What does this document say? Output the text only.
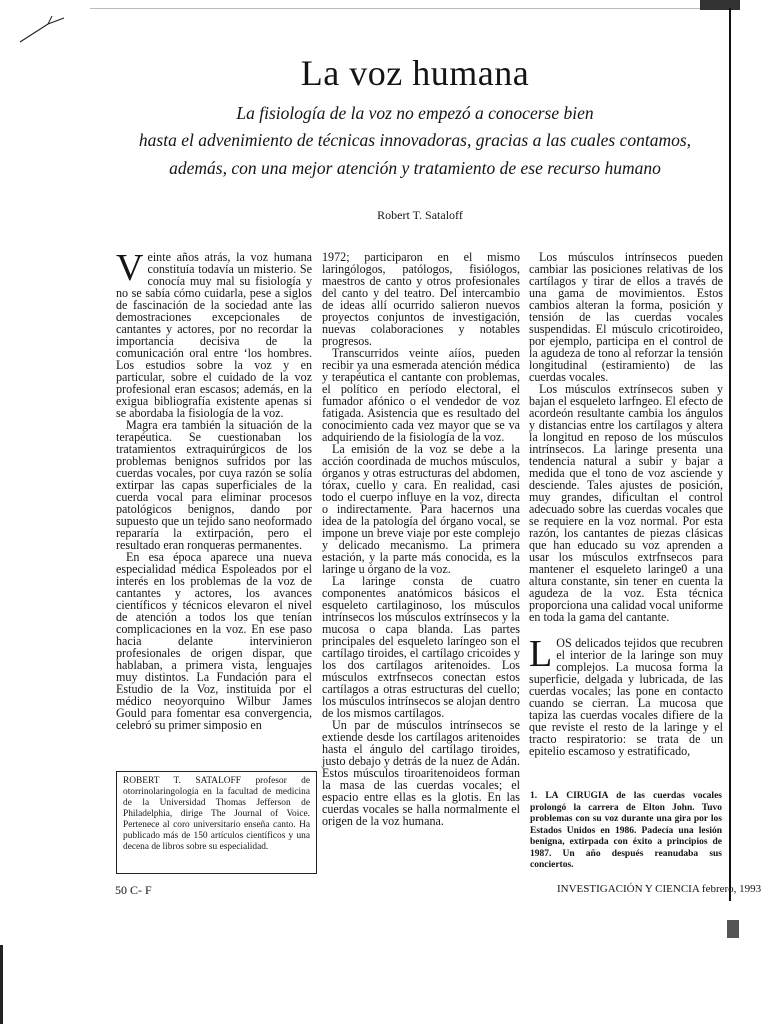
La voz humana
La fisiología de la voz no empezó a conocerse bien
hasta el advenimiento de técnicas innovadoras, gracias a las cuales contamos,
además, con una mejor atención y tratamiento de ese recurso humano
Robert T. Sataloff

Veinte años atrás, la voz humana constituía todavía un misterio. Se conocía muy mal su fisiología y no se sabía cómo cuidarla, pese a siglos de fascinación de la sociedad ante las demostraciones excepcionales de cantantes y actores, por no recordar la importancia decisiva de la comunicación oral entre ‘los hombres. Los estudios sobre la voz y en particular, sobre el cuidado de la voz profesional eran escasos; además, en la exigua bibliografía existente apenas si se abordaba la fisiología de la voz.

Magra era también la situación de la terapéutica. Se cuestionaban los tratamientos extraquirúrgicos de los problemas benignos sufridos por las cuerdas vocales, por cuya razón se solía extirpar las capas superficiales de la cuerda vocal para eliminar procesos patológicos benignos, dando por supuesto que un tejido sano neoformado repararía la extirpación, pero el resultado eran ronqueras permanentes.

En esa época aparece una nueva especialidad médica Espoleados por el interés en los problemas de la voz de cantantes y actores, los avances científicos y técnicos elevaron el nivel de atención a todos los que tenían complicaciones en la voz. En ese paso hacia delante intervinieron profesionales de origen dispar, que hablaban, a primera vista, lenguajes muy distintos. La Fundación para el Estudio de la Voz, instituida por el médico neoyorquino Wilbur James Gould para fomentar esa convergencia, celebró su primer simposio en

ROBERT T. SATALOFF profesor de otorrinolaringología en la facultad de medicina de la Universidad Thomas Jefferson de Philadelphia, dirige The Journal of Voice. Pertenece al coro universitario enseña canto. Ha publicado más de 150 artículos científicos y una decena de libros sobre su especialidad.

1972; participaron en el mismo laringólogos, patólogos, fisiólogos, maestros de canto y otros profesionales del canto y del teatro. Del intercambio de ideas allí ocurrido salieron nuevos proyectos conjuntos de investigación, nuevas colaboraciones y notables progresos.

Transcurridos veinte aííos, pueden recibir ya una esmerada atención médica y terapéutica el cantante con problemas, el político en período electoral, el fumador afónico o el vendedor de voz fatigada. Asistencia que es resultado del conocimiento cada vez mayor que se va adquiriendo de la fisiología de la voz.

La emisión de la voz se debe a la acción coordinada de muchos músculos, órganos y otras estructuras del abdomen, tórax, cuello y cara. En realidad, casi todo el cuerpo influye en la voz, directa o indirectamente. Para hacernos una idea de la patología del órgano vocal, se impone un breve viaje por este complejo y delicado mecanismo. La primera estación, y la parte más conocida, es la laringe u órgano de la voz.

La laringe consta de cuatro componentes anatómicos básicos el esqueleto cartilaginoso, los músculos intrínsecos los músculos extrínsecos y la mucosa o capa blanda. Las partes principales del esqueleto laríngeo son el cartílago tiroides, el cartílago cricoides y los dos cartílagos aritenoides. Los músculos extrfnsecos conectan estos cartílagos a otras estructuras del cuello; los músculos intrínsecos se alojan dentro de los mismos cartílagos.

Un par de músculos intrínsecos se extiende desde los cartílagos aritenoides hasta el ángulo del cartílago tiroides, justo debajo y detrás de la nuez de Adán. Estos músculos tiroaritenoideos forman la masa de las cuerdas vocales; el espacio entre ellas es la glotis. En las cuerdas vocales se halla normalmente el origen de la voz humana.

Los músculos intrínsecos pueden cambiar las posiciones relativas de los cartílagos y tirar de ellos a través de una gama de movimientos. Estos cambios alteran la forma, posición y tensión de las cuerdas vocales suspendidas. El músculo cricotiroideo, por ejemplo, participa en el control de la agudeza de tono al reforzar la tensión longitudinal (estiramiento) de las cuerdas vocales.

Los músculos extrínsecos suben y bajan el esqueleto larfngeo. El efecto de acordeón resultante cambia los ángulos y distancias entre los cartílagos y altera la longitud en reposo de los músculos intrínsecos. La laringe presenta una tendencia natural a subir y bajar a medida que el tono de voz asciende y desciende. Tales ajustes de posición, muy grandes, dificultan el control adecuado sobre las cuerdas vocales que se requiere en la voz normal. Por esta razón, los cantantes de piezas clásicas que han educado su voz aprenden a usar los músculos extrfnsecos para mantener el esqueleto laringe0 a una altura constante, sin tener en cuenta la agudeza de la voz. Esta técnica proporciona una calidad vocal uniforme en toda la gama del cantante.

LOS delicados tejidos que recubren el interior de la laringe son muy complejos. La mucosa forma la superficie, delgada y lubricada, de las cuerdas vocales; las pone en contacto cuando se cierran. La mucosa que tapiza las cuerdas vocales difiere de la que reviste el resto de la laringe y el tracto respiratorio: se trata de un epitelio escamoso y estratificado,

1. LA CIRUGIA de las cuerdas vocales prolongó la carrera de Elton John. Tuvo problemas con su voz durante una gira por los Estados Unidos en 1986. Padecía una lesión benigna, extirpada con éxito a principios de 1987. Un año después reanudaba sus conciertos.
50 C- F	INVESTIGACIÓN Y CIENCIA febrero, 1993
